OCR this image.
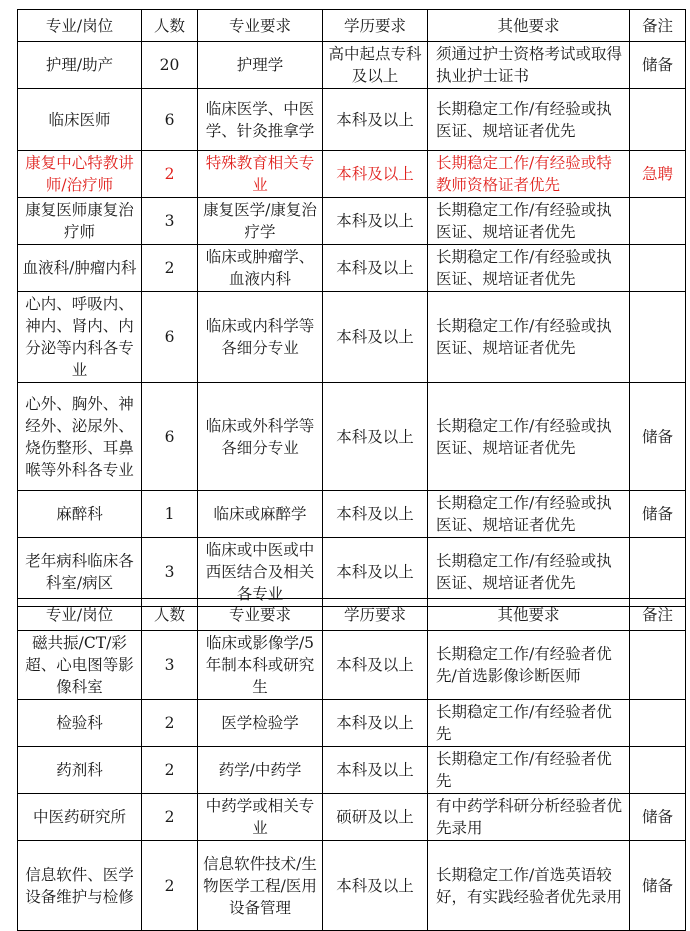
专业/岗位	人数	专业要求	学历要求	其他要求	备注
护理/助产	20	护理学	高中起点专科及以上	须通过护士资格考试或取得执业护士证书	储备
临床医师	6	临床医学、中医学、针灸推拿学	本科及以上	长期稳定工作/有经验或执医证、规培证者优先	
康复中心特教讲师/治疗师	2	特殊教育相关专业	本科及以上	长期稳定工作/有经验或特教师资格证者优先	急聘
康复医师康复治疗师	3	康复医学/康复治疗学	本科及以上	长期稳定工作/有经验或执医证、规培证者优先	
血液科/肿瘤内科	2	临床或肿瘤学、血液内科	本科及以上	长期稳定工作/有经验或执医证、规培证者优先	
心内、呼吸内、神内、肾内、内分泌等内科各专业	6	临床或内科学等各细分专业	本科及以上	长期稳定工作/有经验或执医证、规培证者优先	
心外、胸外、神经外、泌尿外、烧伤整形、耳鼻喉等外科各专业	6	临床或外科学等各细分专业	本科及以上	长期稳定工作/有经验或执医证、规培证者优先	储备
麻醉科	1	临床或麻醉学	本科及以上	长期稳定工作/有经验或执医证、规培证者优先	储备
老年病科临床各科室/病区	3	临床或中医或中西医结合及相关各专业	本科及以上	长期稳定工作/有经验或执医证、规培证者优先	
专业/岗位	人数	专业要求	学历要求	其他要求	备注
磁共振/CT/彩超、心电图等影像科室	3	临床或影像学/5年制本科或研究生	本科及以上	长期稳定工作/有经验者优先/首选影像诊断医师	
检验科	2	医学检验学	本科及以上	长期稳定工作/有经验者优先	
药剂科	2	药学/中药学	本科及以上	长期稳定工作/有经验者优先	
中医药研究所	2	中药学或相关专业	硕研及以上	有中药学科研分析经验者优先录用	储备
信息软件、医学设备维护与检修	2	信息软件技术/生物医学工程/医用设备管理	本科及以上	长期稳定工作/首选英语较好，有实践经验者优先录用	储备
